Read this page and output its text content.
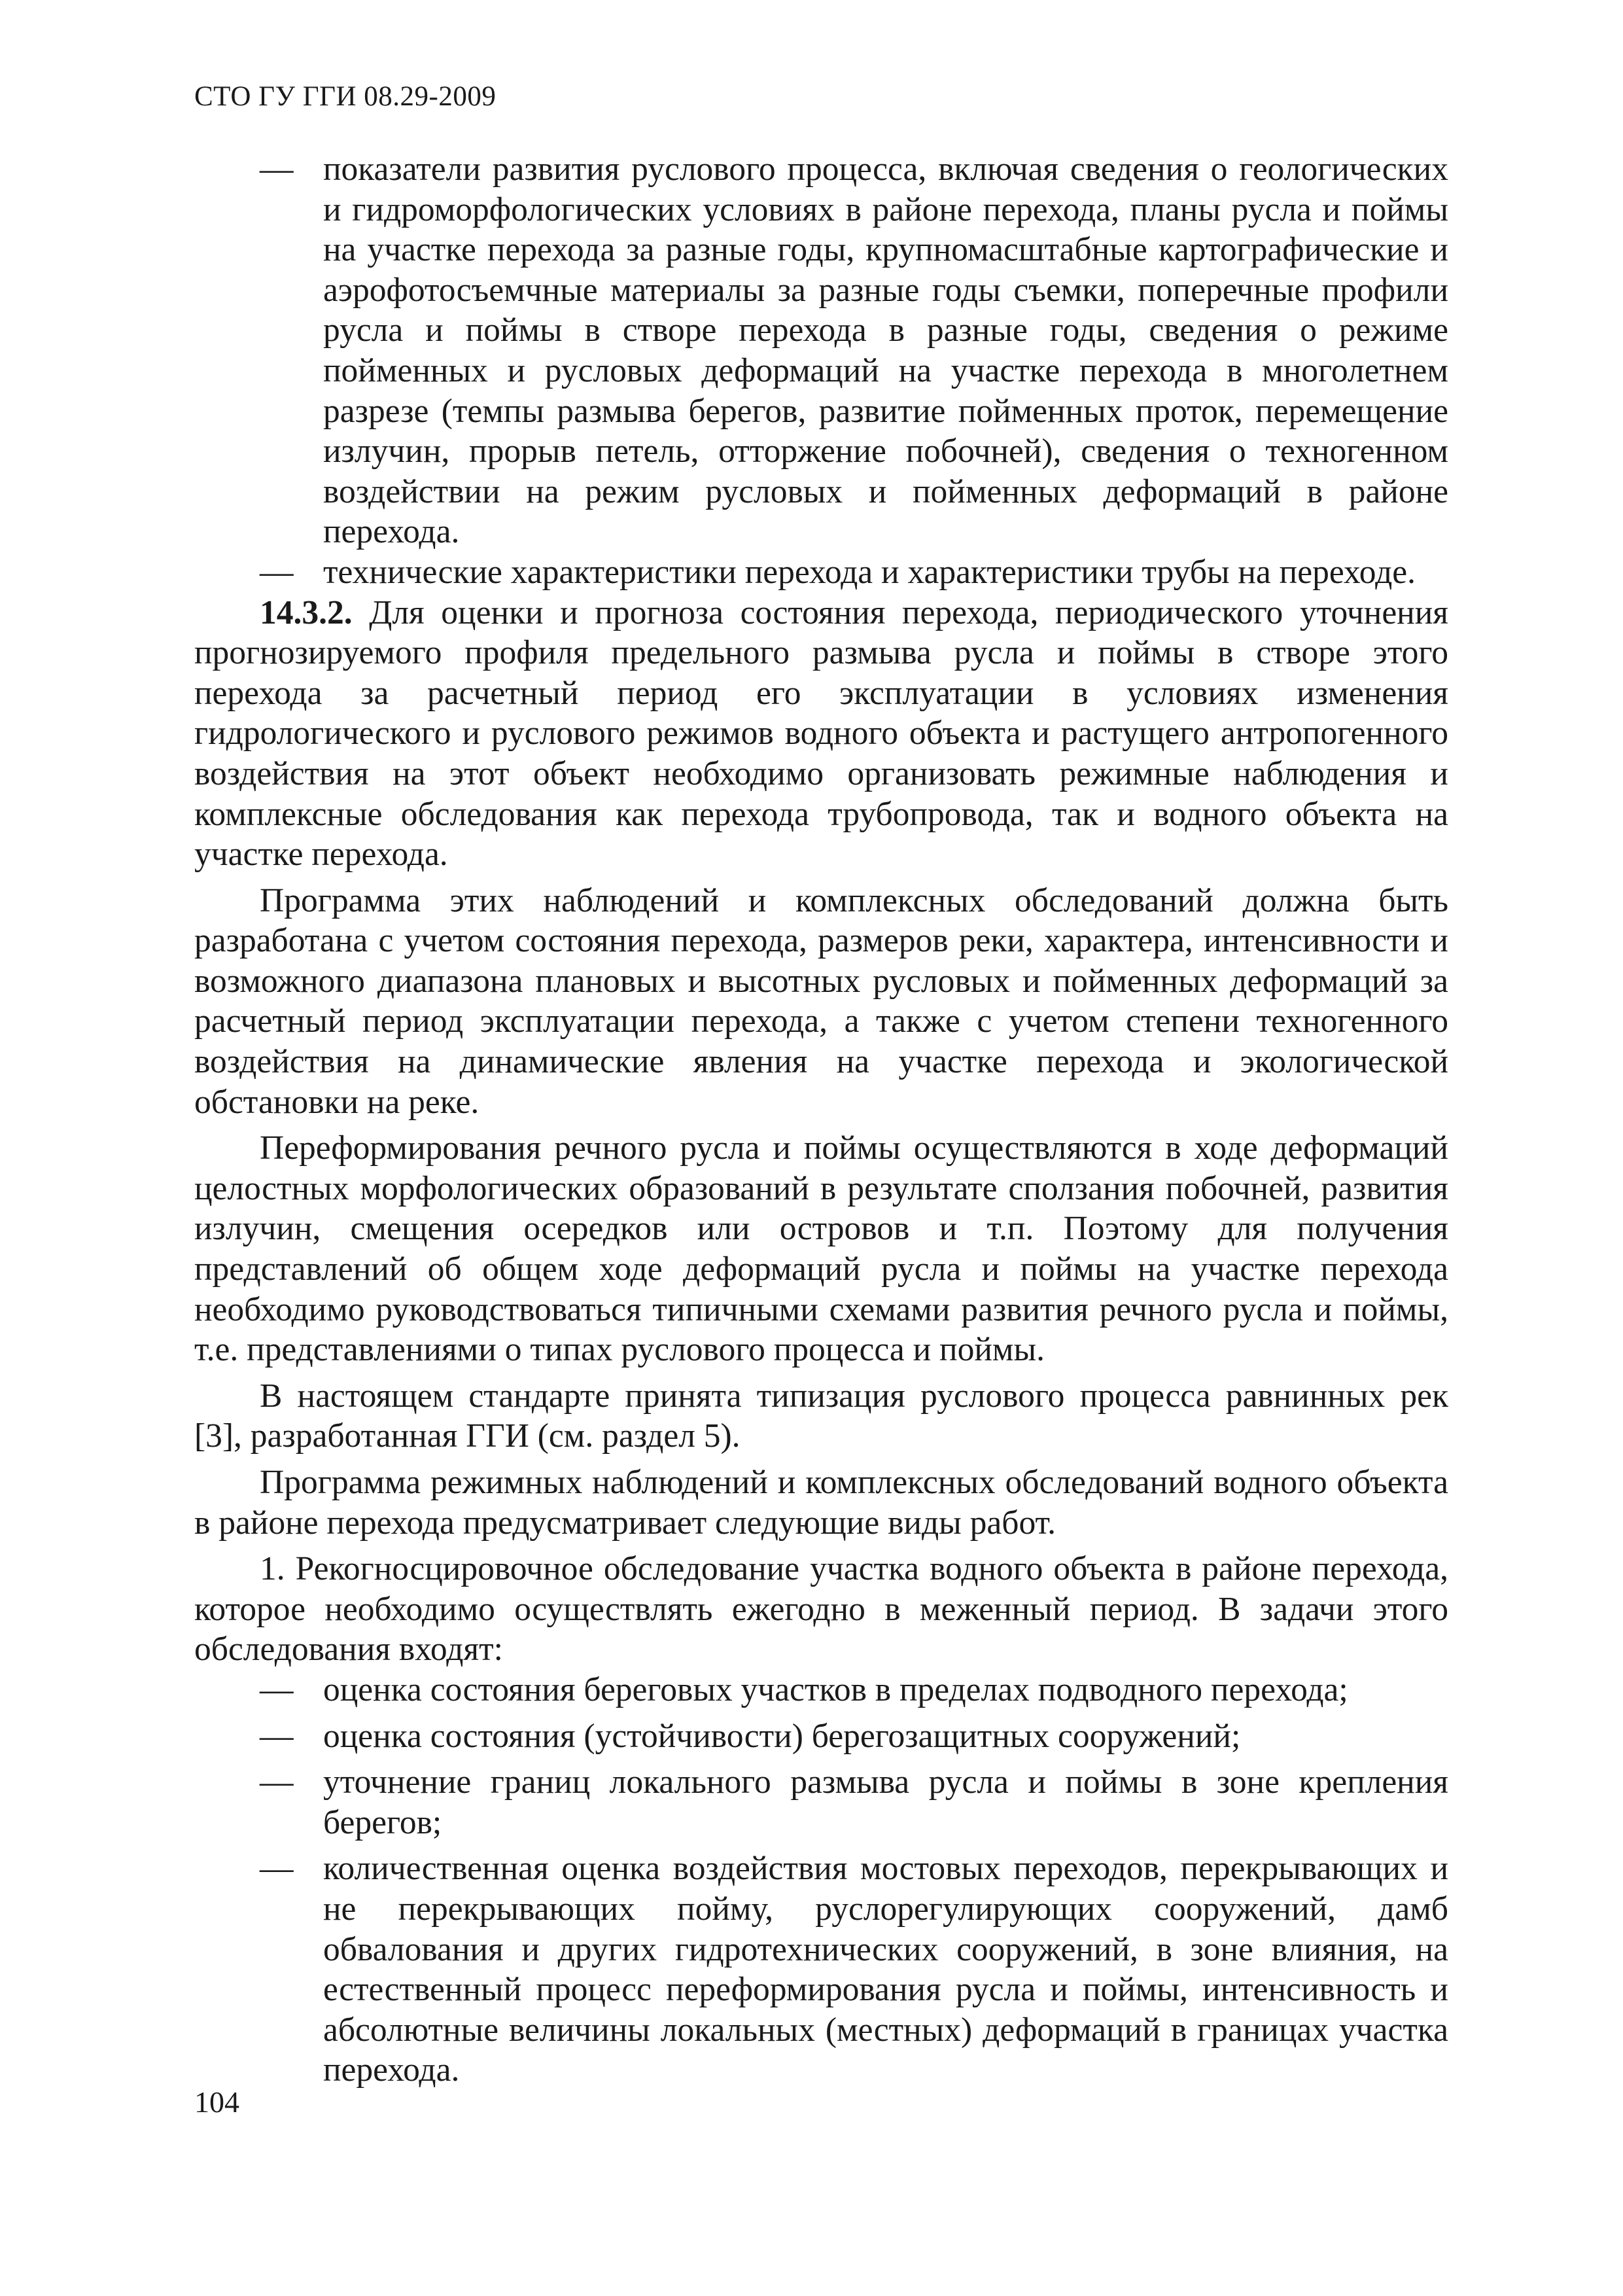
СТО ГУ ГГИ 08.29-2009
— показатели развития руслового процесса, включая сведения о геологических и гидроморфологических условиях в районе перехода, планы русла и поймы на участке перехода за разные годы, крупномасштабные картографические и аэрофотосъемчные материалы за разные годы съемки, поперечные профили русла и поймы в створе перехода в разные годы, сведения о режиме пойменных и русловых деформаций на участке перехода в многолетнем разрезе (темпы размыва берегов, развитие пойменных проток, перемещение излучин, прорыв петель, отторжение побочней), сведения о техногенном воздействии на режим русловых и пойменных деформаций в районе перехода.
— технические характеристики перехода и характеристики трубы на переходе.

14.3.2. Для оценки и прогноза состояния перехода, периодического уточнения прогнозируемого профиля предельного размыва русла и поймы в створе этого перехода за расчетный период его эксплуатации в условиях изменения гидрологического и руслового режимов водного объекта и растущего антропогенного воздействия на этот объект необходимо организовать режимные наблюдения и комплексные обследования как перехода трубопровода, так и водного объекта на участке перехода.

Программа этих наблюдений и комплексных обследований должна быть разработана с учетом состояния перехода, размеров реки, характера, интенсивности и возможного диапазона плановых и высотных русловых и пойменных деформаций за расчетный период эксплуатации перехода, а также с учетом степени техногенного воздействия на динамические явления на участке перехода и экологической обстановки на реке.

Переформирования речного русла и поймы осуществляются в ходе деформаций целостных морфологических образований в результате сползания побочней, развития излучин, смещения осередков или островов и т.п. Поэтому для получения представлений об общем ходе деформаций русла и поймы на участке перехода необходимо руководствоваться типичными схемами развития речного русла и поймы, т.е. представлениями о типах руслового процесса и поймы.

В настоящем стандарте принята типизация руслового процесса равнинных рек [3], разработанная ГГИ (см. раздел 5).

Программа режимных наблюдений и комплексных обследований водного объекта в районе перехода предусматривает следующие виды работ.

1. Рекогносцировочное обследование участка водного объекта в районе перехода, которое необходимо осуществлять ежегодно в меженный период. В задачи этого обследования входят:

— оценка состояния береговых участков в пределах подводного перехода;
— оценка состояния (устойчивости) берегозащитных сооружений;
— уточнение границ локального размыва русла и поймы в зоне крепления берегов;
— количественная оценка воздействия мостовых переходов, перекрывающих и не перекрывающих пойму, руслорегулирующих сооружений, дамб обвалования и других гидротехнических сооружений, в зоне влияния, на естественный процесс переформирования русла и поймы, интенсивность и абсолютные величины локальных (местных) деформаций в границах участка перехода.
104
